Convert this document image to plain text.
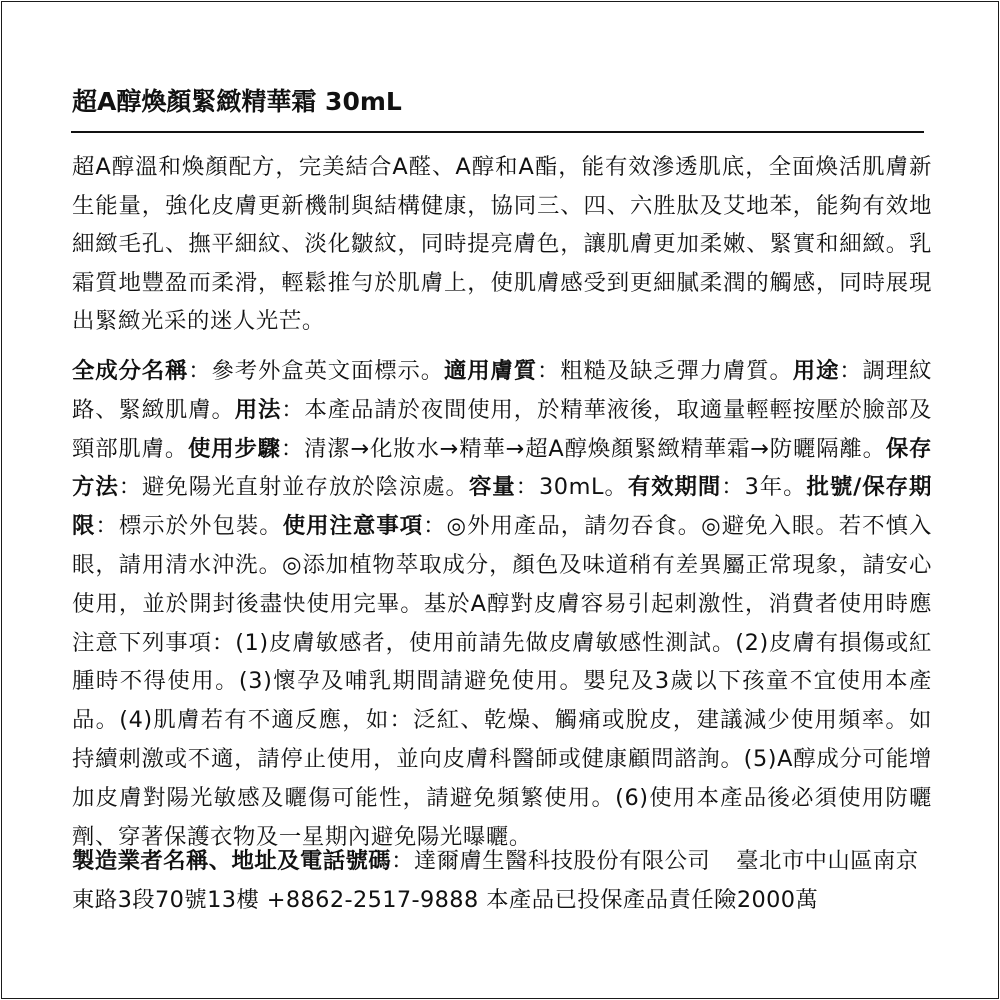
超A醇煥顏緊緻精華霜 30mL
超A醇溫和煥顏配方，完美結合A醛、A醇和A酯，能有效滲透肌底，全面煥活肌膚新生能量，強化皮膚更新機制與結構健康，協同三、四、六胜肽及艾地苯，能夠有效地細緻毛孔、撫平細紋、淡化皺紋，同時提亮膚色，讓肌膚更加柔嫩、緊實和細緻。乳霜質地豐盈而柔滑，輕鬆推勻於肌膚上，使肌膚感受到更細膩柔潤的觸感，同時展現出緊緻光采的迷人光芒。
全成分名稱：參考外盒英文面標示。適用膚質：粗糙及缺乏彈力膚質。用途：調理紋路、緊緻肌膚。用法：本產品請於夜間使用，於精華液後，取適量輕輕按壓於臉部及頸部肌膚。使用步驟：清潔→化妝水→精華→超A醇煥顏緊緻精華霜→防曬隔離。保存方法：避免陽光直射並存放於陰涼處。容量：30mL。有效期間：3年。批號/保存期限：標示於外包裝。使用注意事項：◎外用產品，請勿吞食。◎避免入眼。若不慎入眼，請用清水沖洗。◎添加植物萃取成分，顏色及味道稍有差異屬正常現象，請安心使用，並於開封後盡快使用完畢。基於A醇對皮膚容易引起刺激性，消費者使用時應注意下列事項：(1)皮膚敏感者，使用前請先做皮膚敏感性測試。(2)皮膚有損傷或紅腫時不得使用。(3)懷孕及哺乳期間請避免使用。嬰兒及3歲以下孩童不宜使用本產品。(4)肌膚若有不適反應，如：泛紅、乾燥、觸痛或脫皮，建議減少使用頻率。如持續刺激或不適，請停止使用，並向皮膚科醫師或健康顧問諮詢。(5)A醇成分可能增加皮膚對陽光敏感及曬傷可能性，請避免頻繁使用。(6)使用本產品後必須使用防曬劑、穿著保護衣物及一星期內避免陽光曝曬。
製造業者名稱、地址及電話號碼：達爾膚生醫科技股份有限公司 臺北市中山區南京東路3段70號13樓 +8862-2517-9888 本產品已投保產品責任險2000萬
